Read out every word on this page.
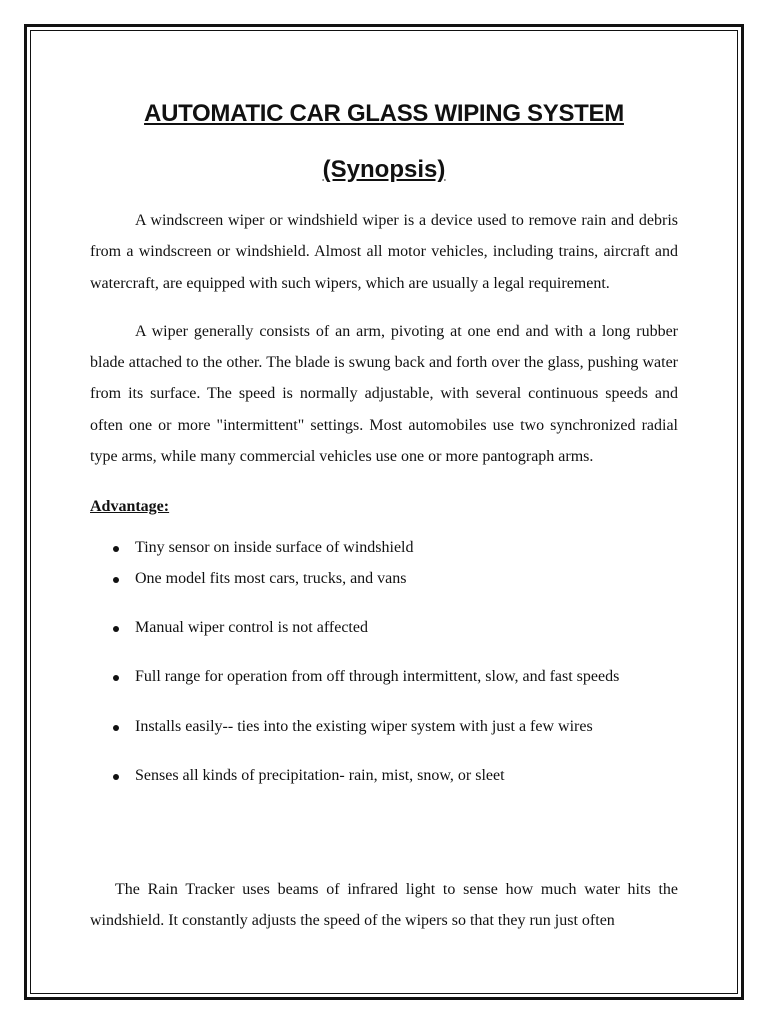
AUTOMATIC CAR GLASS WIPING SYSTEM
(Synopsis)

A windscreen wiper or windshield wiper is a device used to remove rain and debris from a windscreen or windshield. Almost all motor vehicles, including trains, aircraft and watercraft, are equipped with such wipers, which are usually a legal requirement.

A wiper generally consists of an arm, pivoting at one end and with a long rubber blade attached to the other. The blade is swung back and forth over the glass, pushing water from its surface. The speed is normally adjustable, with several continuous speeds and often one or more "intermittent" settings. Most automobiles use two synchronized radial type arms, while many commercial vehicles use one or more pantograph arms.

Advantage:
Tiny sensor on inside surface of windshield
One model fits most cars, trucks, and vans
Manual wiper control is not affected
Full range for operation from off through intermittent, slow, and fast speeds
Installs easily-- ties into the existing wiper system with just a few wires
Senses all kinds of precipitation- rain, mist, snow, or sleet

The Rain Tracker uses beams of infrared light to sense how much water hits the windshield. It constantly adjusts the speed of the wipers so that they run just often
